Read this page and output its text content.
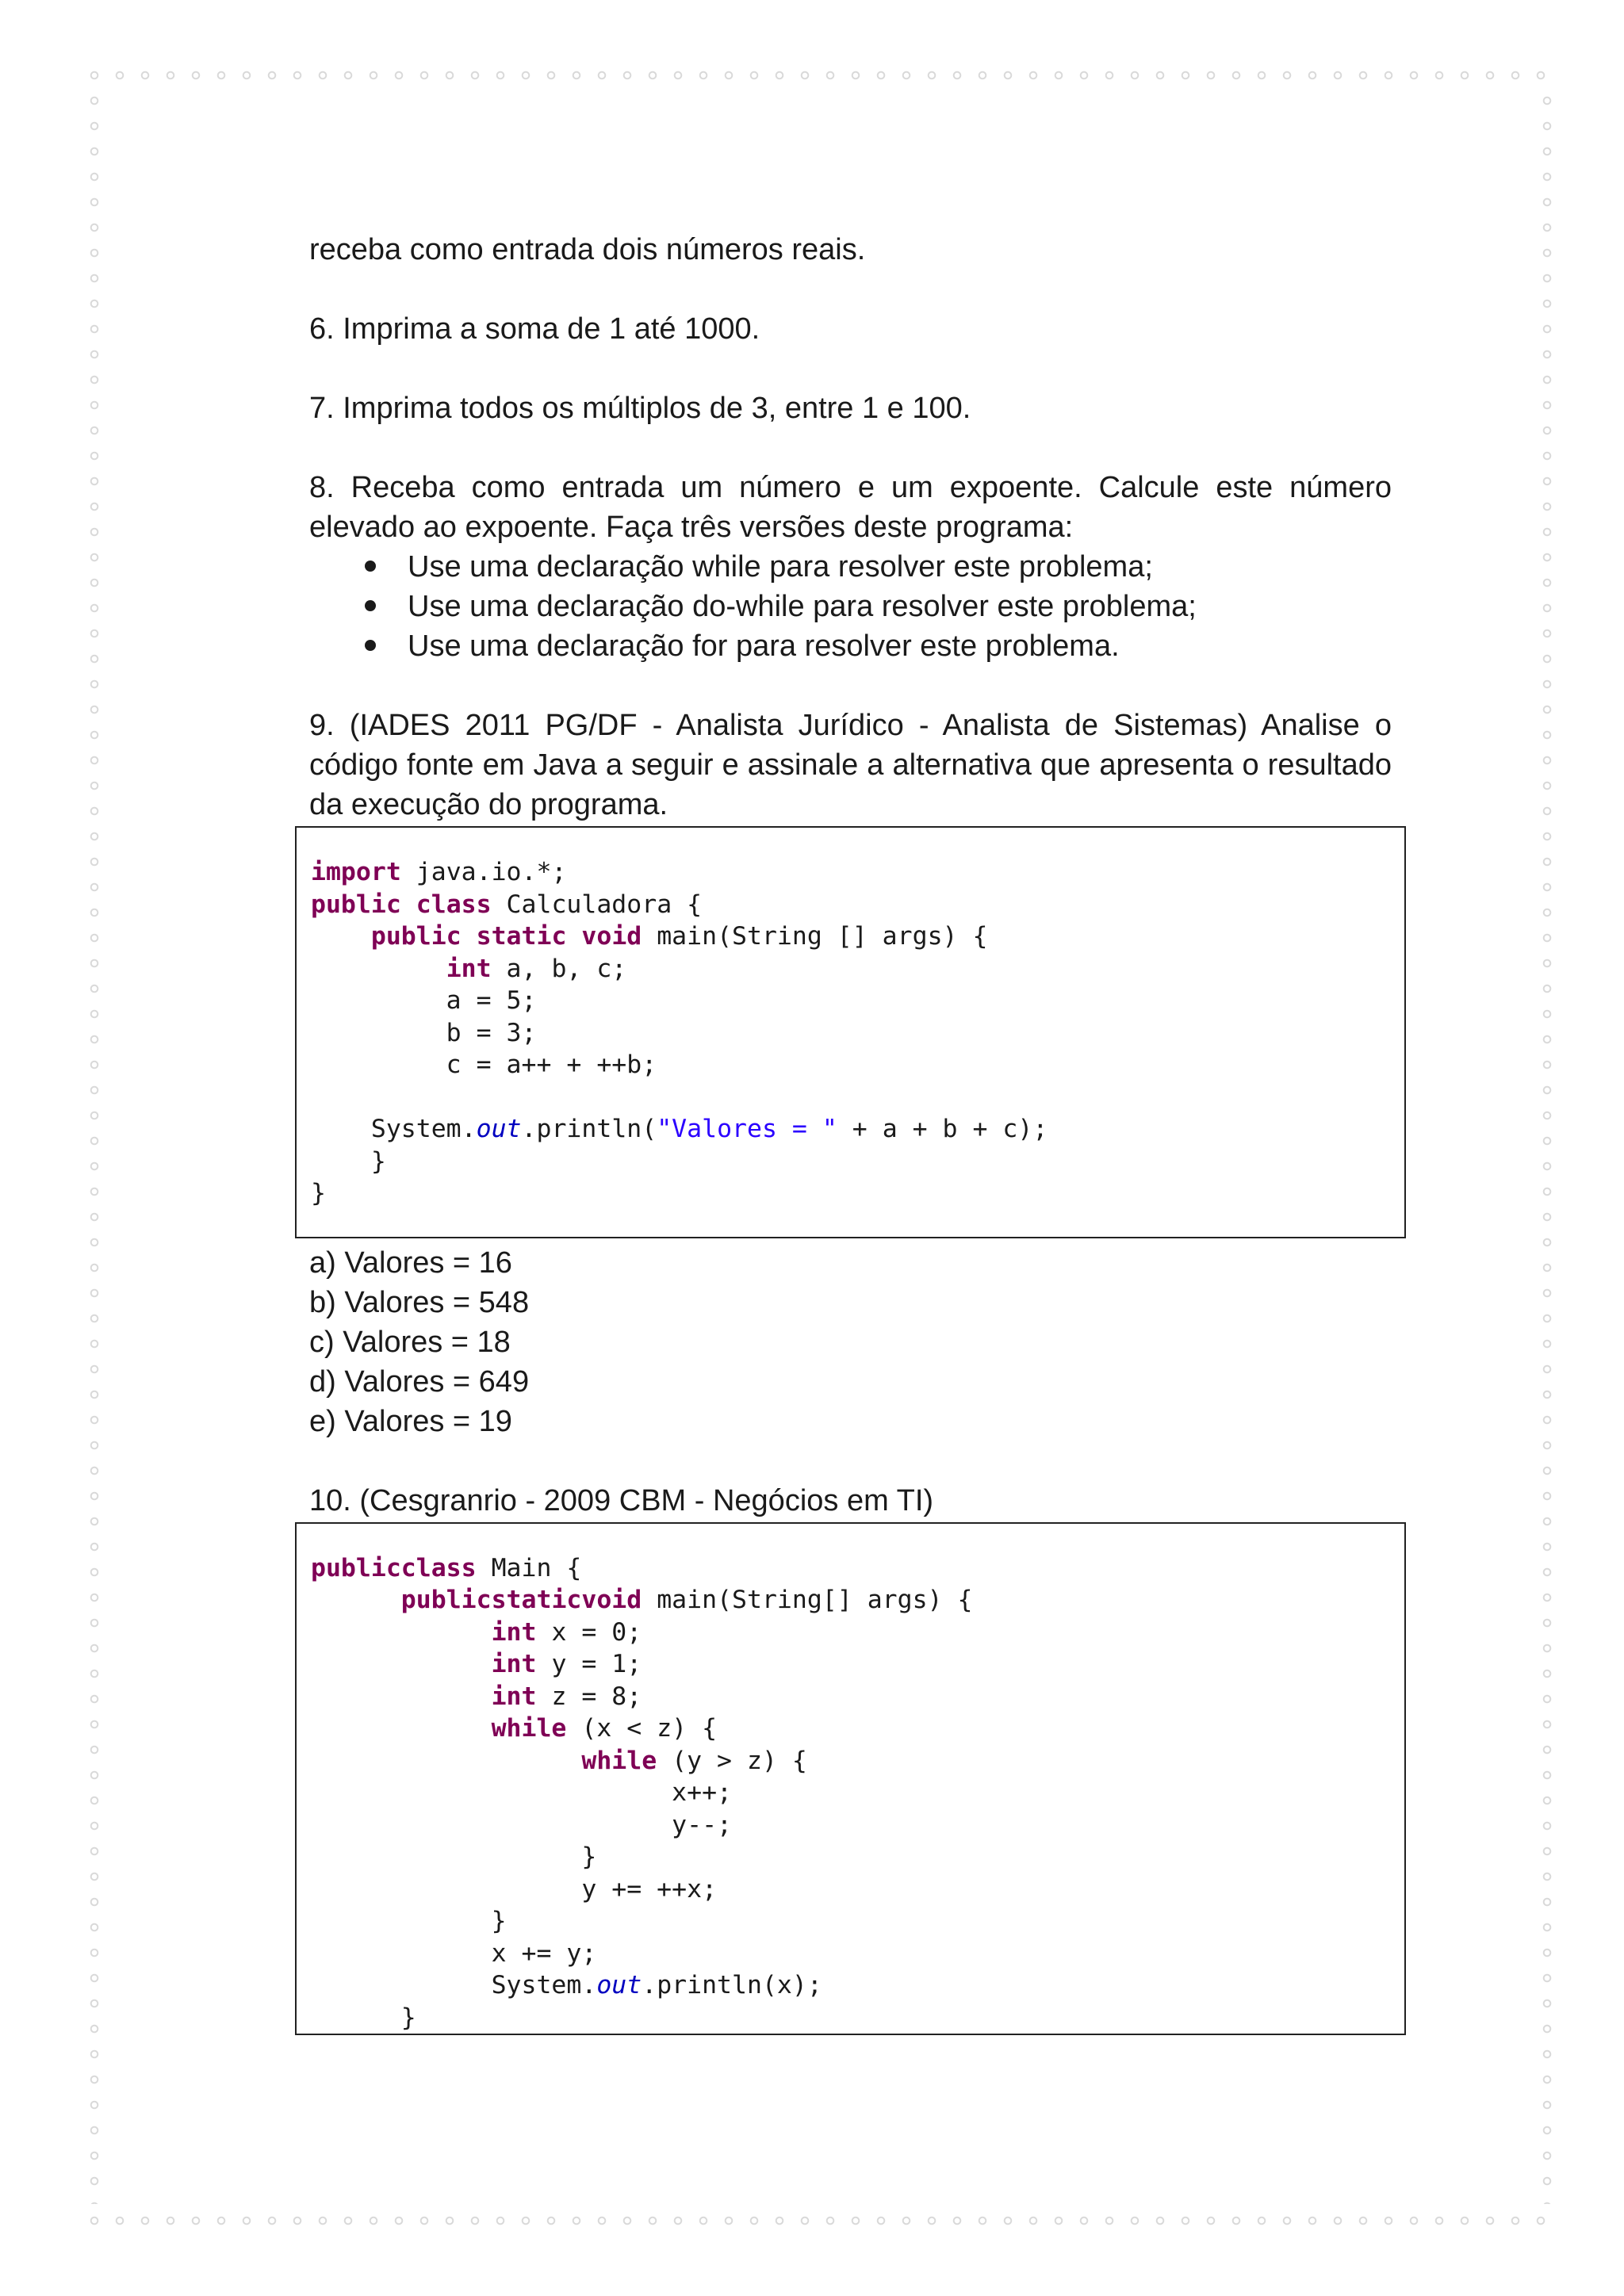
receba como entrada dois números reais.

6. Imprima a soma de 1 até 1000.

7. Imprima todos os múltiplos de 3, entre 1 e 100.

8. Receba como entrada um número e um expoente. Calcule este número elevado ao expoente. Faça três versões deste programa:

Use uma declaração while para resolver este problema;
Use uma declaração do-while para resolver este problema;
Use uma declaração for para resolver este problema.

9. (IADES 2011 PG/DF - Analista Jurídico - Analista de Sistemas) Analise o código fonte em Java a seguir e assinale a alternativa que apresenta o resultado da execução do programa.

import java.io.*;
public class Calculadora {
public static void main(String [] args) {
int a, b, c;
a = 5;
b = 3;
c = a++ + ++b;

System.out.println("Valores = " + a + b + c);
}
}
a) Valores = 16
b) Valores = 548
c) Valores = 18
d) Valores = 649
e) Valores = 19

10. (Cesgranrio - 2009 CBM - Negócios em TI)

publicclass Main {
publicstaticvoid main(String[] args) {
int x = 0;
int y = 1;
int z = 8;
while (x < z) {
while (y > z) {
x++;
y--;
}
y += ++x;
}
x += y;
System.out.println(x);
}
